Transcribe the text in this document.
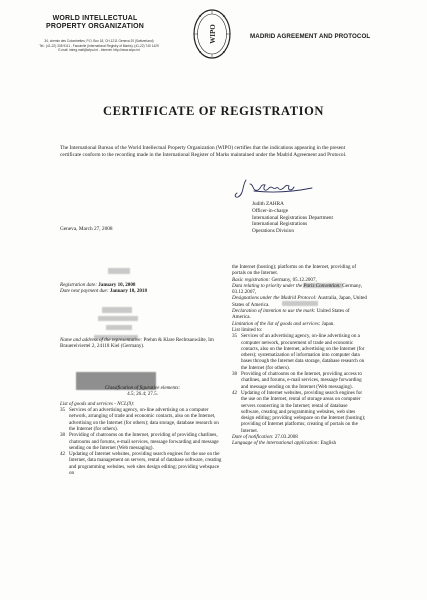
WORLD INTELLECTUAL
PROPERTY ORGANIZATION
34, chemin des Colombettes, P.O. Box 18, CH-1211 Geneva 20 (Switzerland)
Tel.: (41-22) 338 9111 - Facsimile (International Registry of Marks): (41-22) 740 1429
E-mail: intreg.mail@wipo.int - Internet: http://www.wipo.int
WIPO	MADRID AGREEMENT AND PROTOCOL
CERTIFICATE OF REGISTRATION
The International Bureau of the World Intellectual Property Organization (WIPO) certifies that the indications appearing in the present certificate conform to the recording made in the International Register of Marks maintained under the Madrid Agreement and Protocol.
Judith ZAHRA
Officer-in-charge
International Registrations Department
International Registrations
Operations Division
Geneva, March 27, 2008
Registration date: January 10, 2008
Date next payment due: January 10, 2018
Name and address of the representative: Prehm & Klare Rechtsanwälte, Im Brauereiviertel 2, 24118 Kiel (Germany).
Classification of figurative elements:
4.5; 26.4; 27.5.
List of goods and services - NCL(9):
35 Services of an advertising agency, on-line advertising on a computer network, arranging of trade and economic contacts, also on the Internet, advertising on the Internet (for others); data storage, database research on the Internet (for others).
38 Providing of chatrooms on the Internet, providing of providing chatlines, chatrooms and forums, e-mail services, message forwarding and message sending on the Internet (Web messaging).
42 Updating of Internet websites, providing search engines for the use on the Internet, data management on servers, rental of database software, creating and programming websites, web sites design editing; providing webspace on
the Internet (hosting); platforms on the Internet, providing of portals on the Internet.
Basic registration: Germany, 05.12.2007,
Data relating to priority under the Paris Convention: Germany, 03.12.2007,
Designations under the Madrid Protocol: Australia, Japan, United States of America.
Declaration of intention to use the mark: United States of America.
Limitation of the list of goods and services: Japan.
List limited to:
35 Services of an advertising agency, on-line advertising on a computer network, procurement of trade and economic contacts, also on the Internet, advertising on the Internet (for others); systematization of information into computer data bases through the Internet data storage, database research on the Internet (for others).
38 Providing of chatrooms on the Internet, providing access to chatlines, and forums, e-mail services, message forwarding and message sending on the Internet (Web messaging).
42 Updating of Internet websites, providing search engines for the use on the Internet, rental of storage areas on computer servers connecting in the Internet; rental of database software, creating and programming websites, web sites design editing; providing webspace on the Internet (hosting); providing of Internet platforms; creating of portals on the Internet.
Date of notification: 27.03.2008
Language of the international application: English
